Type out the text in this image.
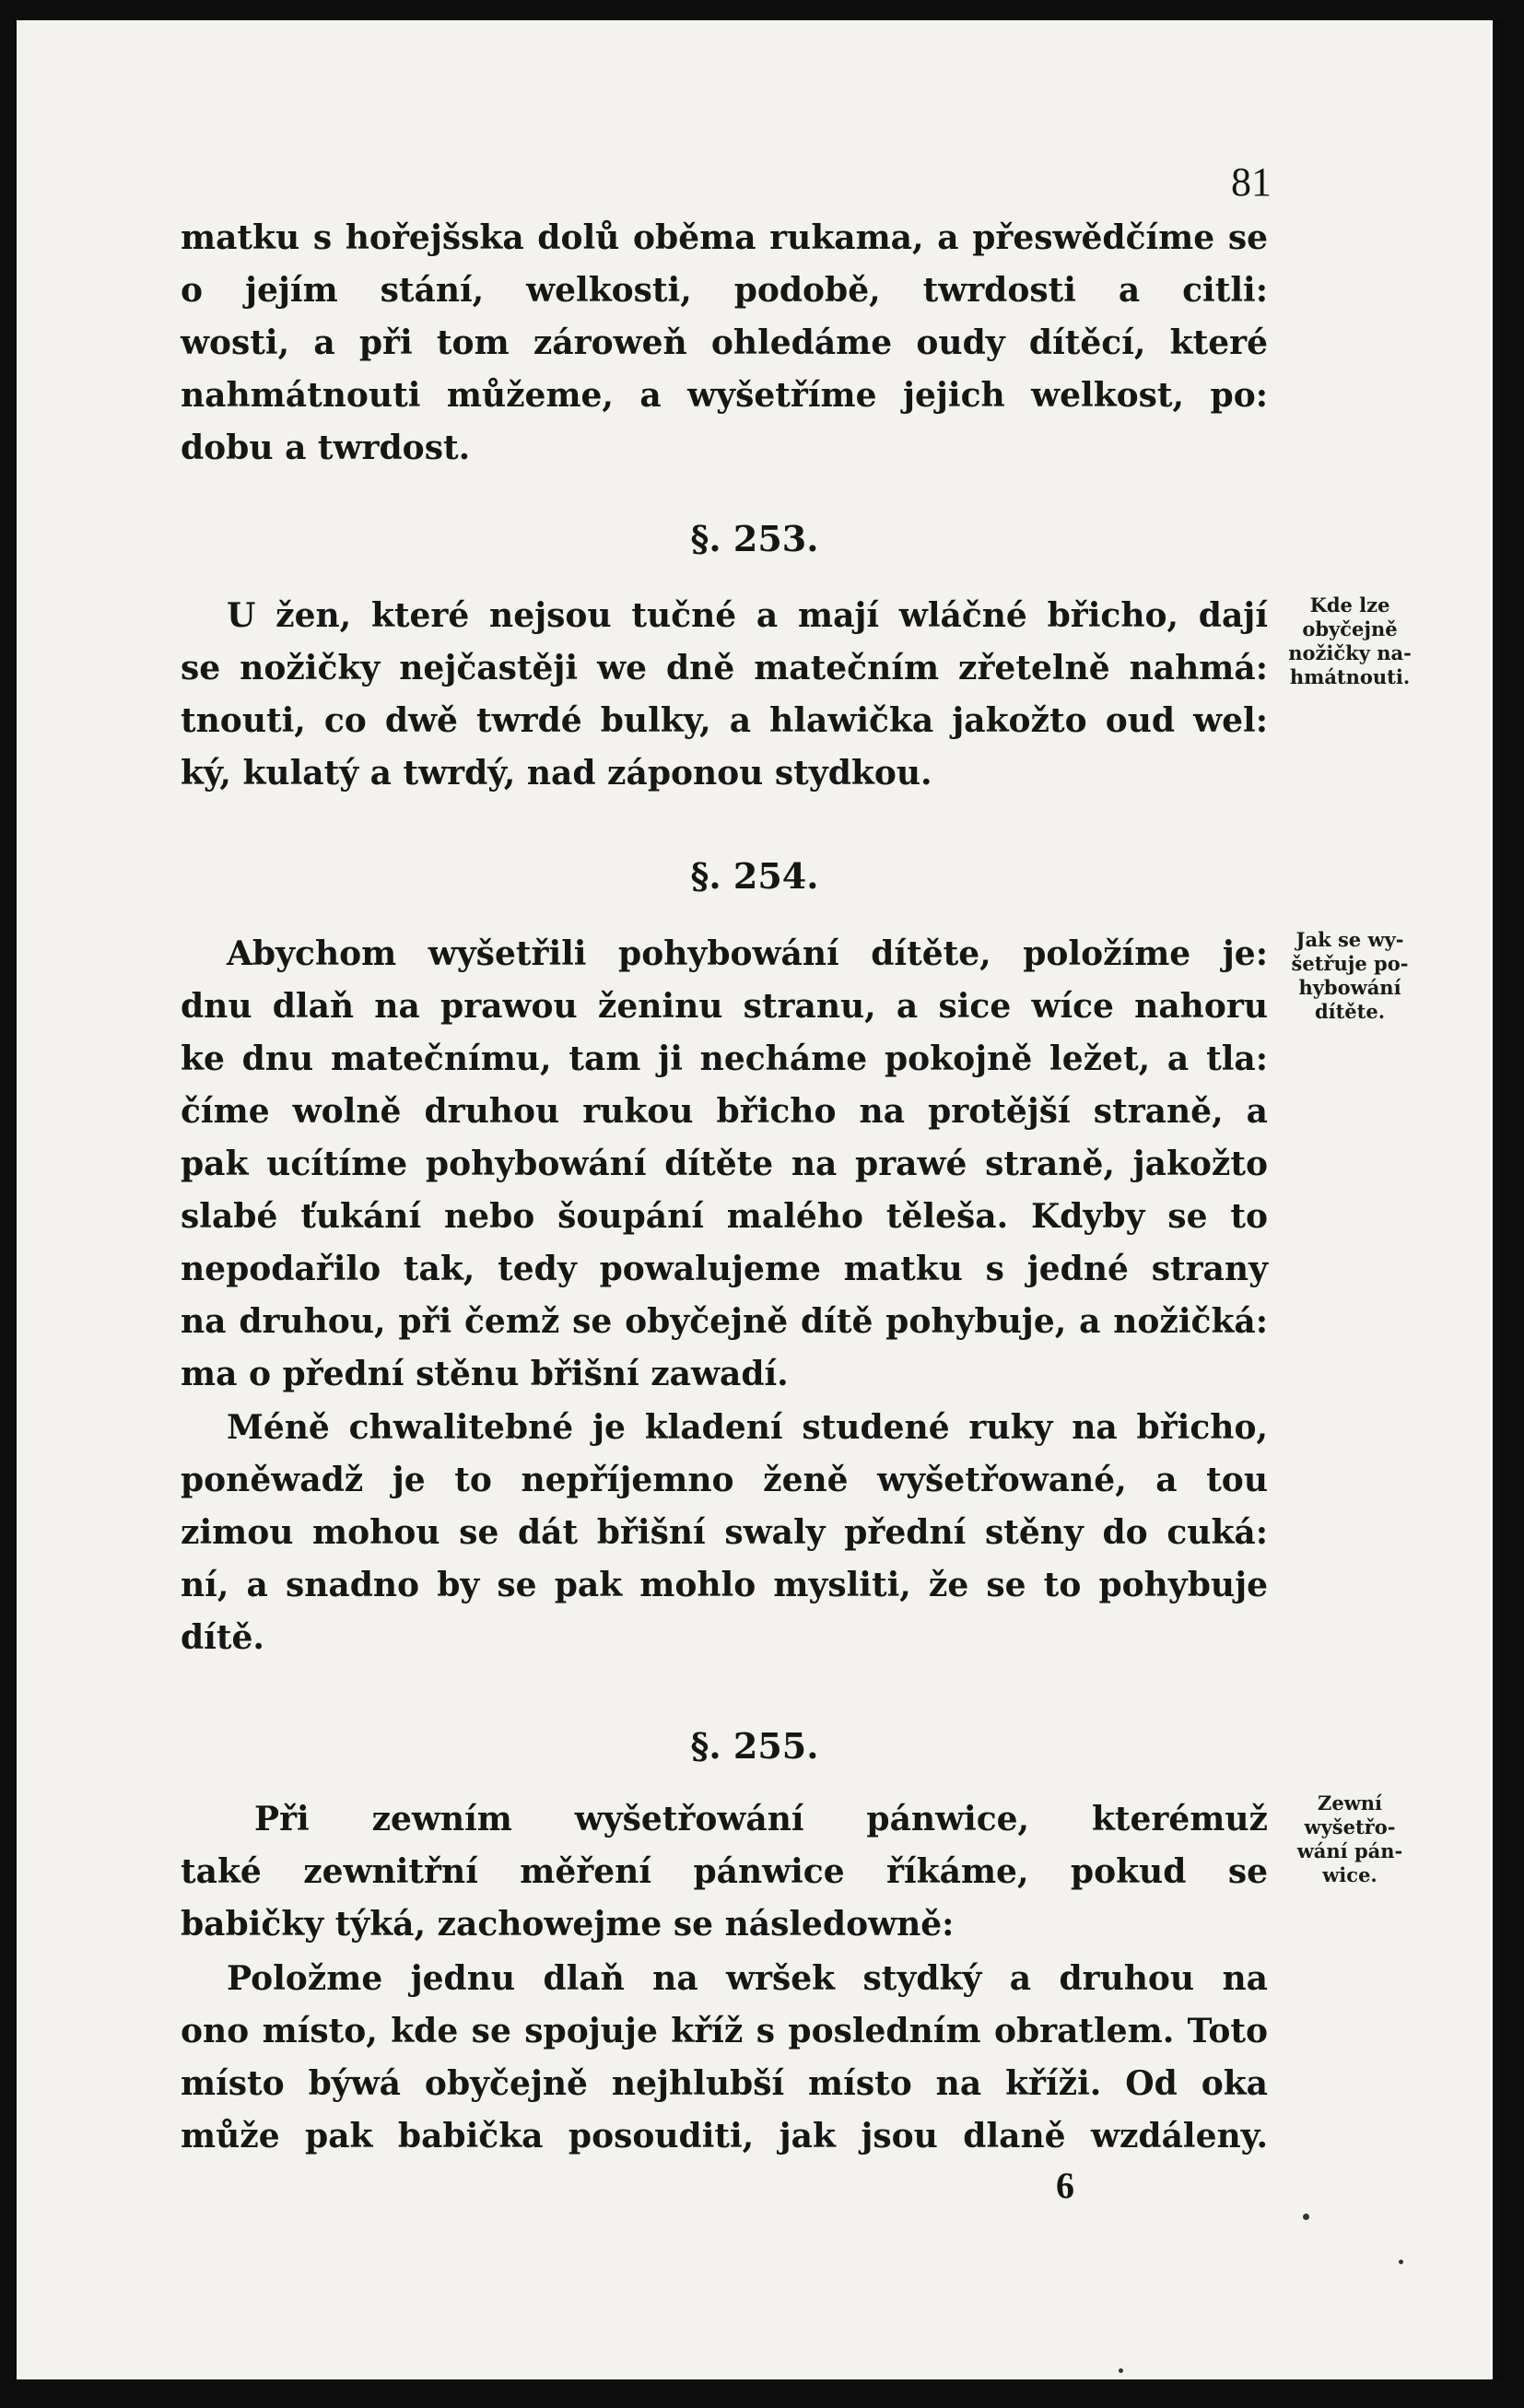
81
matku s hořejšska dolů oběma rukama, a přeswědčíme se
o jejím stání, welkosti, podobě, twrdosti a citli:
wosti, a při tom zároweň ohledáme oudy dítěcí, které
nahmátnouti můžeme, a wyšetříme jejich welkost, po:
dobu a twrdost.
§. 253.
U žen, které nejsou tučné a mají wláčné břicho, dají
se nožičky nejčastěji we dně matečním zřetelně nahmá:
tnouti, co dwě twrdé bulky, a hlawička jakožto oud wel:
ký, kulatý a twrdý, nad záponou stydkou.
Kde lze
obyčejně
nožičky na-
hmátnouti.
§. 254.
Abychom wyšetřili pohybowání dítěte, položíme je:
dnu dlaň na prawou ženinu stranu, a sice wíce nahoru
ke dnu matečnímu, tam ji necháme pokojně ležet, a tla:
číme wolně druhou rukou břicho na protější straně, a
pak ucítíme pohybowání dítěte na prawé straně, jakožto
slabé ťukání nebo šoupání malého těleša. Kdyby se to
nepodařilo tak, tedy powalujeme matku s jedné strany
na druhou, při čemž se obyčejně dítě pohybuje, a nožičká:
ma o přední stěnu břišní zawadí.
Jak se wy-
šetřuje po-
hybowání
dítěte.
Méně chwalitebné je kladení studené ruky na břicho,
poněwadž je to nepříjemno ženě wyšetřowané, a tou
zimou mohou se dát břišní swaly přední stěny do cuká:
ní, a snadno by se pak mohlo mysliti, že se to pohybuje
dítě.
§. 255.
Při zewním wyšetřowání pánwice, kterémuž
také zewnitřní měření pánwice říkáme, pokud se
babičky týká, zachowejme se následowně:
Zewní
wyšetřo-
wání pán-
wice.
Položme jednu dlaň na wršek stydký a druhou na
ono místo, kde se spojuje kříž s posledním obratlem. Toto
místo býwá obyčejně nejhlubší místo na kříži. Od oka
může pak babička posouditi, jak jsou dlaně wzdáleny.
6
